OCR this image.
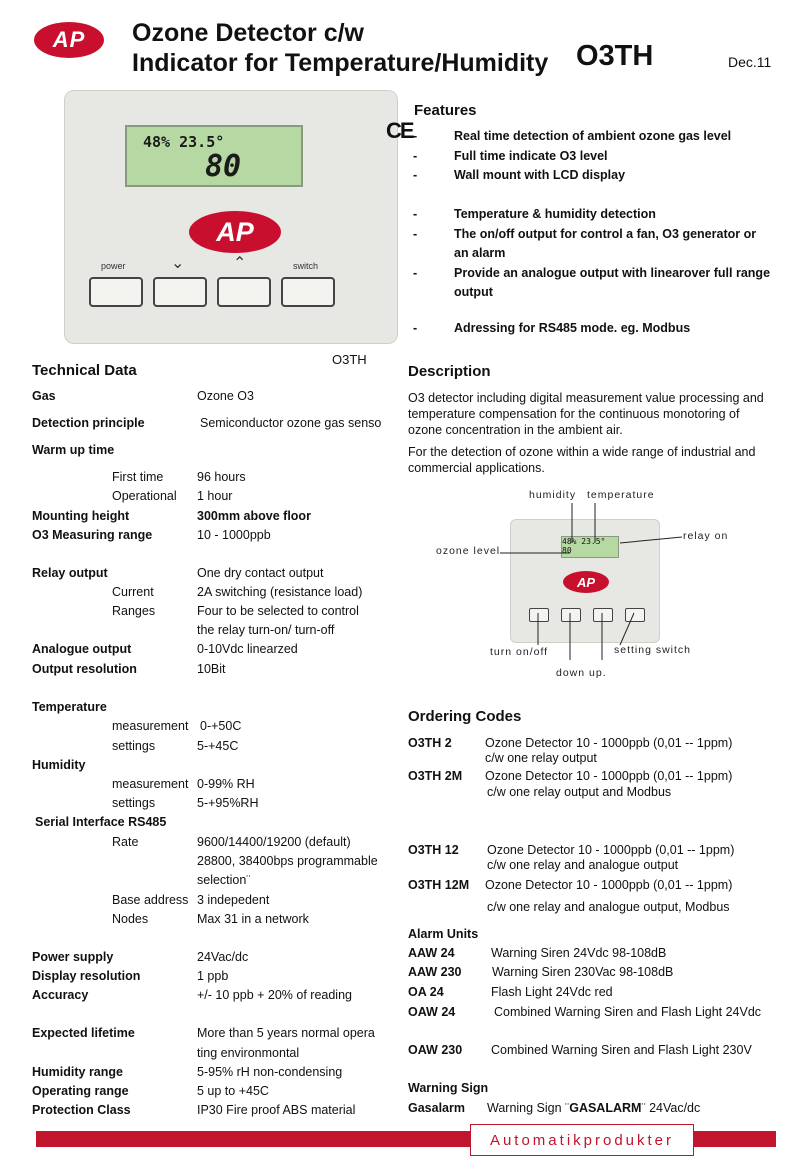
AP	Ozone Detector c/w
Indicator for Temperature/Humidity O3TH	Dec.11
48% 23.5°
80
AP
power	⌄	⌃	switch
O3TH
Features
CE -	Real time detection of ambient ozone gas level
-	Full time indicate O3 level
-	Wall mount with LCD display
-	Temperature & humidity detection
-	The on/off output for control a fan, O3 generator or an alarm
-	Provide an analogue output with linearover full range output
-	Adressing for RS485 mode. eg. Modbus
Technical Data
Gas	Ozone O3
Detection principle	Semiconductor ozone gas senso
Warm up time
First time	96 hours
Operational 1 hour
Mounting height	300mm above floor
O3 Measuring range	10 - 1000ppb
Relay output	One dry contact output
Current	2A switching (resistance load)
Ranges	Four to be selected to control
the relay turn-on/ turn-off
Analogue output	0-10Vdc linearzed
Output resolution	10Bit
Temperature
measurement 0-+50C
settings	5-+45C
Humidity
measurement 0-99% RH
settings	5-+95%RH
Serial Interface RS485
Rate	9600/14400/19200 (default)
28800, 38400bps programmable
selection¨
Base address 3 indepedent
Nodes	Max 31 in a network
Power supply	24Vac/dc
Display resolution	1 ppb
Accuracy	+/- 10 ppb + 20% of reading
Expected lifetime	More than 5 years normal opera
ting environmontal
Humidity range	5-95% rH non-condensing
Operating range	5 up to +45C
Protection Class	IP30 Fire proof ABS material
Description
O3 detector including digital measurement value processing and temperature compensation for the continuous monotoring of ozone concentration in the ambient air.
For the detection of ozone within a wide range of industrial and commercial applications.
humidity temperature
relay on
ozone level
48% 23.5° 80
AP
turn on/off	setting switch
down up.
Ordering Codes
O3TH 2	Ozone Detector 10 - 1000ppb (0,01 -- 1ppm)
c/w one relay output
O3TH 2M Ozone Detector 10 - 1000ppb (0,01 -- 1ppm)
c/w one relay output and Modbus
O3TH 12 Ozone Detector 10 - 1000ppb (0,01 -- 1ppm)
c/w one relay and analogue output
O3TH 12M Ozone Detector 10 - 1000ppb (0,01 -- 1ppm)
c/w one relay and analogue output, Modbus
Alarm Units
AAW 24	Warning Siren 24Vdc 98-108dB
AAW 230 Warning Siren 230Vac 98-108dB
OA 24	Flash Light 24Vdc red
OAW 24	Combined Warning Siren and Flash Light 24Vdc
OAW 230 Combined Warning Siren and Flash Light 230V
Warning Sign
Gasalarm Warning Sign ¨GASALARM¨ 24Vac/dc
Automatikprodukter
